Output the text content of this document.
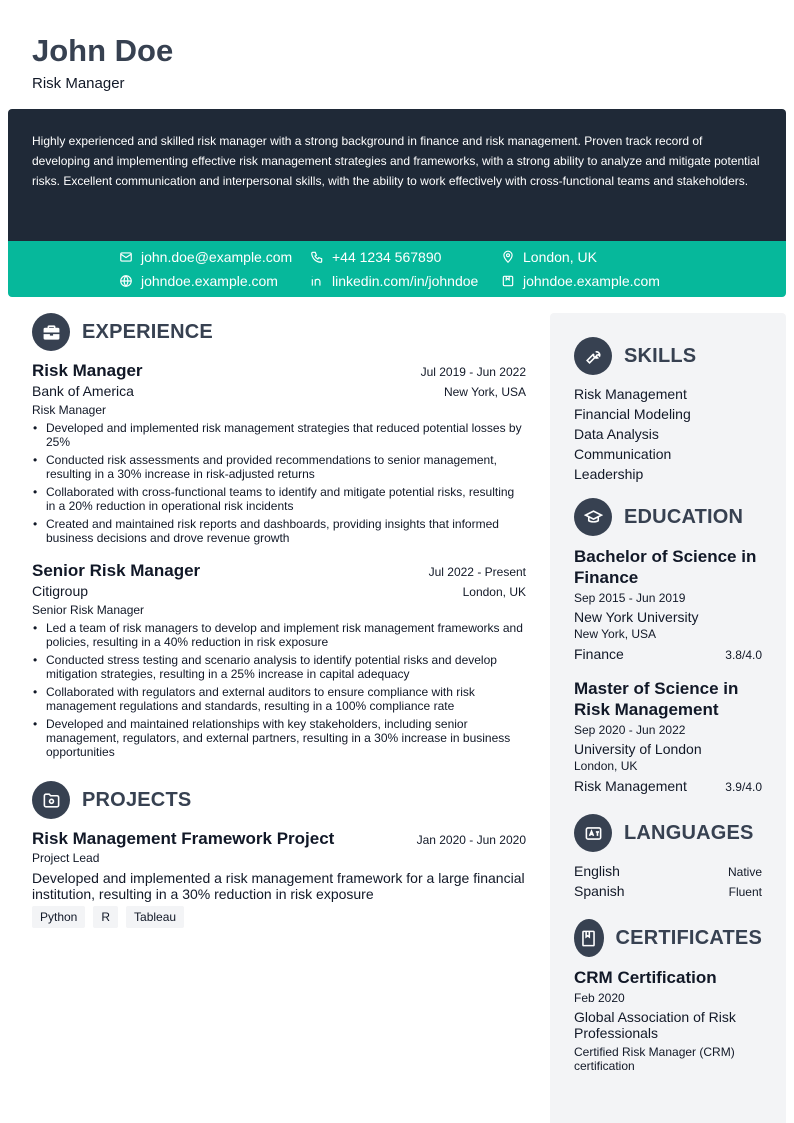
John Doe
Risk Manager

Highly experienced and skilled risk manager with a strong background in finance and risk management. Proven track record of developing and implementing effective risk management strategies and frameworks, with a strong ability to analyze and mitigate potential risks. Excellent communication and interpersonal skills, with the ability to work effectively with cross-functional teams and stakeholders.

john.doe@example.com	+44 1234 567890	London, UK
johndoe.example.com	linkedin.com/in/johndoe	johndoe.example.com
EXPERIENCE
Risk Manager	Jul 2019 - Jun 2022
Bank of America	New York, USA
Risk Manager
• Developed and implemented risk management strategies that reduced potential losses by 25%
• Conducted risk assessments and provided recommendations to senior management, resulting in a 30% increase in risk-adjusted returns
• Collaborated with cross-functional teams to identify and mitigate potential risks, resulting in a 20% reduction in operational risk incidents
• Created and maintained risk reports and dashboards, providing insights that informed business decisions and drove revenue growth
Senior Risk Manager	Jul 2022 - Present
Citigroup	London, UK
Senior Risk Manager
• Led a team of risk managers to develop and implement risk management frameworks and policies, resulting in a 40% reduction in risk exposure
• Conducted stress testing and scenario analysis to identify potential risks and develop mitigation strategies, resulting in a 25% increase in capital adequacy
• Collaborated with regulators and external auditors to ensure compliance with risk management regulations and standards, resulting in a 100% compliance rate
• Developed and maintained relationships with key stakeholders, including senior management, regulators, and external partners, resulting in a 30% increase in business opportunities
PROJECTS
Risk Management Framework Project	Jan 2020 - Jun 2020
Project Lead
Developed and implemented a risk management framework for a large financial institution, resulting in a 30% reduction in risk exposure
Python	R	Tableau
SKILLS
Risk Management
Financial Modeling
Data Analysis
Communication
Leadership
EDUCATION
Bachelor of Science in Finance
Sep 2015 - Jun 2019
New York University
New York, USA
Finance	3.8/4.0
Master of Science in Risk Management
Sep 2020 - Jun 2022
University of London
London, UK
Risk Management	3.9/4.0
LANGUAGES
English	Native
Spanish	Fluent
CERTIFICATES
CRM Certification
Feb 2020
Global Association of Risk Professionals
Certified Risk Manager (CRM) certification
